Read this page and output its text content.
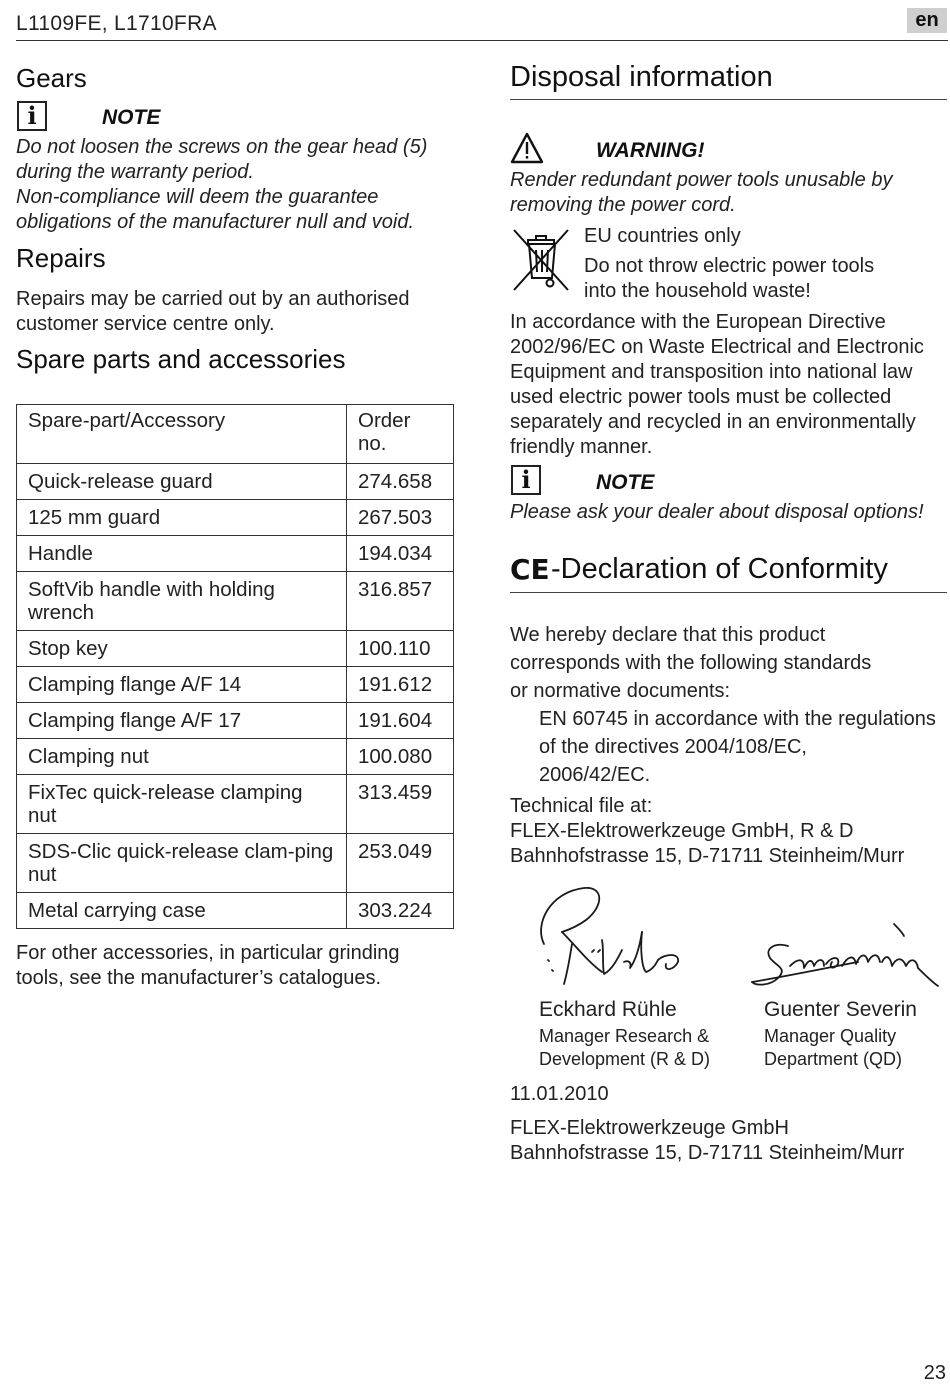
L1109FE, L1710FRA	en
Gears
i	NOTE
Do not loosen the screws on the gear head (5)
during the warranty period.
Non-compliance will deem the guarantee
obligations of the manufacturer null and void.
Repairs
Repairs may be carried out by an authorised
customer service centre only.
Spare parts and accessories
Spare-part/Accessory	Order no.
Quick-release guard	274.658
125 mm guard	267.503
Handle	194.034
SoftVib handle with holding wrench	316.857
Stop key	100.110
Clamping flange A/F 14	191.612
Clamping flange A/F 17	191.604
Clamping nut	100.080
FixTec quick-release clamping nut	313.459
SDS-Clic quick-release clam-ping nut	253.049
Metal carrying case	303.224
For other accessories, in particular grinding
tools, see the manufacturer’s catalogues.
Disposal information
WARNING!
Render redundant power tools unusable by
removing the power cord.
EU countries only
Do not throw electric power tools
into the household waste!
In accordance with the European Directive
2002/96/EC on Waste Electrical and Electronic
Equipment and transposition into national law
used electric power tools must be collected
separately and recycled in an environmentally
friendly manner.
i	NOTE
Please ask your dealer about disposal options!
CE -Declaration of Conformity
We hereby declare that this product
corresponds with the following standards
or normative documents:
EN 60745 in accordance with the regulations
of the directives 2004/108/EC,
2006/42/EC.
Technical file at:
FLEX-Elektrowerkzeuge GmbH, R & D
Bahnhofstrasse 15, D-71711 Steinheim/Murr
Eckhard Rühle
Manager Research &
Development (R & D)
Guenter Severin
Manager Quality
Department (QD)
11.01.2010
FLEX-Elektrowerkzeuge GmbH
Bahnhofstrasse 15, D-71711 Steinheim/Murr
23
